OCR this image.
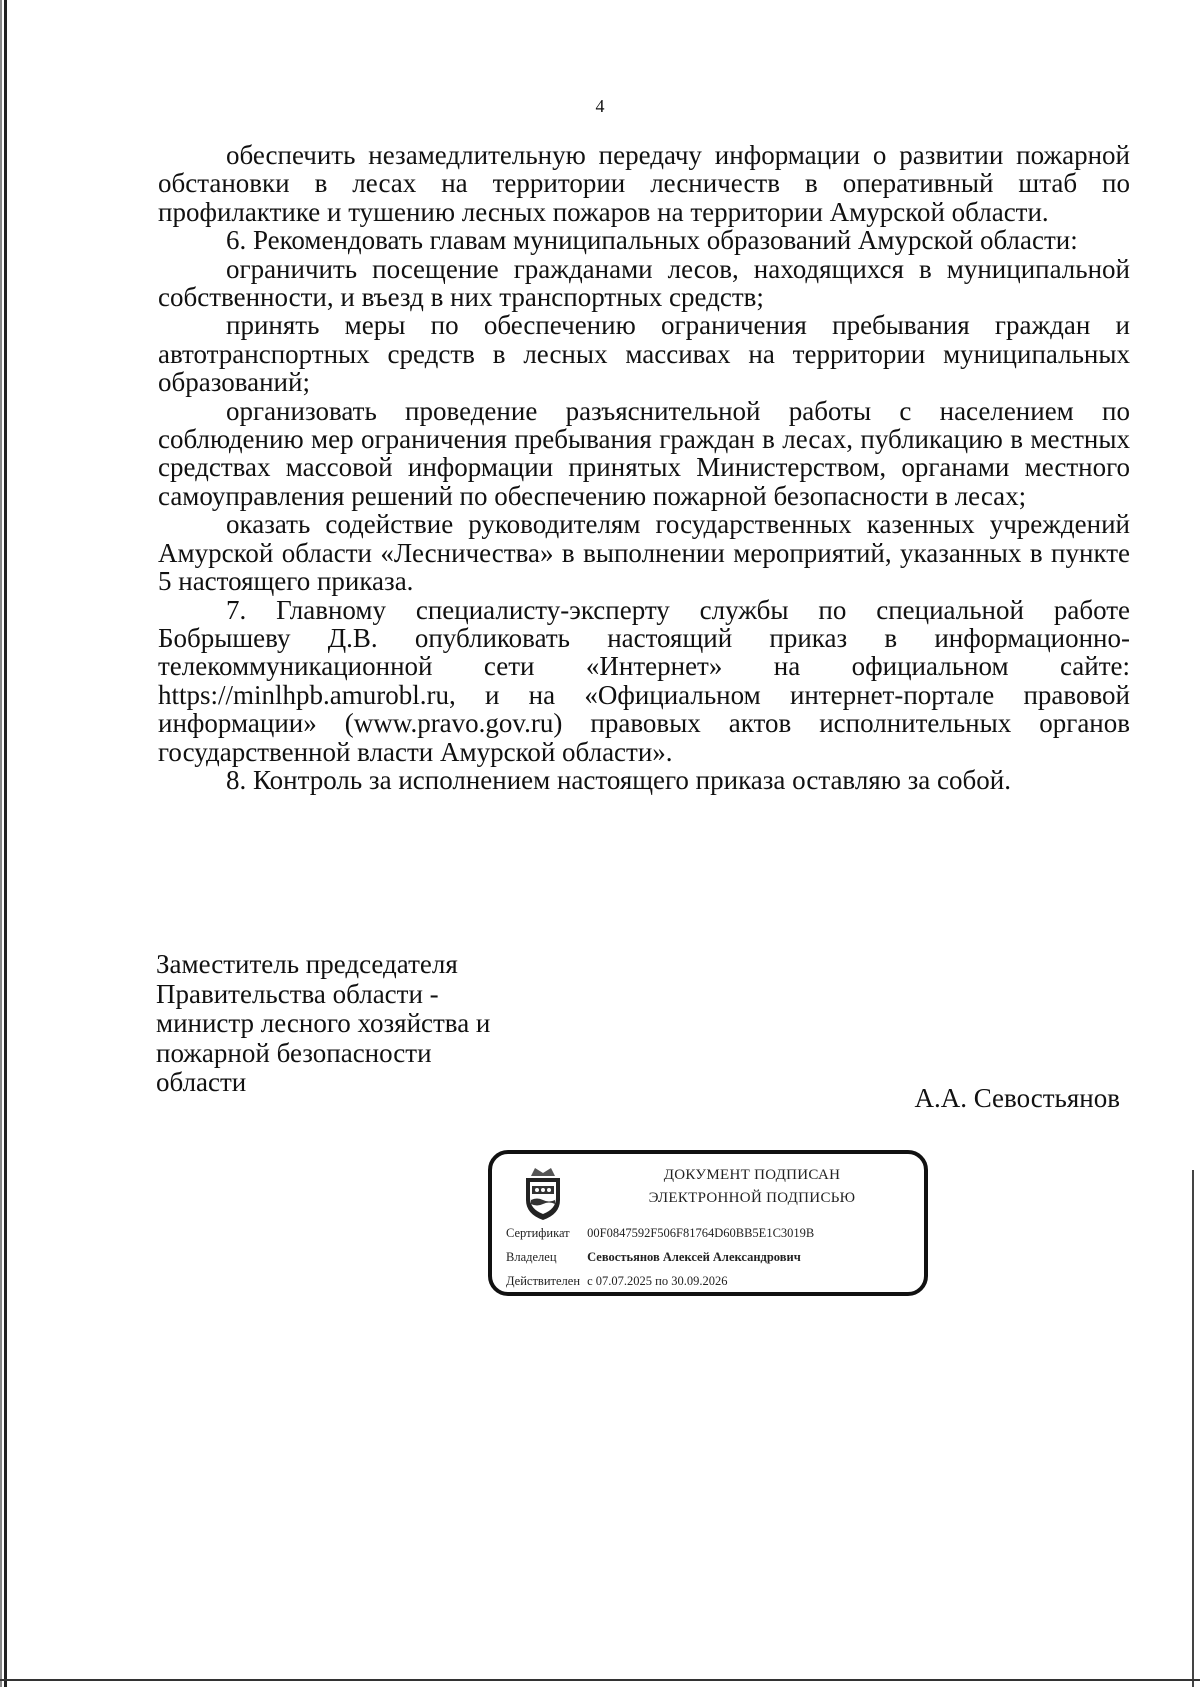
4

обеспечить незамедлительную передачу информации о развитии пожарной обстановки в лесах на территории лесничеств в оперативный штаб по профилактике и тушению лесных пожаров на территории Амурской области.

6. Рекомендовать главам муниципальных образований Амурской области:

ограничить посещение гражданами лесов, находящихся в муниципальной собственности, и въезд в них транспортных средств;

принять меры по обеспечению ограничения пребывания граждан и автотранспортных средств в лесных массивах на территории муниципальных образований;

организовать проведение разъяснительной работы с населением по соблюдению мер ограничения пребывания граждан в лесах, публикацию в местных средствах массовой информации принятых Министерством, органами местного самоуправления решений по обеспечению пожарной безопасности в лесах;

оказать содействие руководителям государственных казенных учреждений Амурской области «Лесничества» в выполнении мероприятий, указанных в пункте 5 настоящего приказа.

7. Главному специалисту-эксперту службы по специальной работе Бобрышеву Д.В. опубликовать настоящий приказ в информационно-телекоммуникационной сети «Интернет» на официальном сайте: https://minlhpb.amurobl.ru, и на «Официальном интернет-портале правовой информации» (www.pravo.gov.ru) правовых актов исполнительных органов государственной власти Амурской области».

8. Контроль за исполнением настоящего приказа оставляю за собой.

Заместитель председателя
Правительства области -
министр лесного хозяйства и
пожарной безопасности
области
А.А. Севостьянов
ДОКУМЕНТ ПОДПИСАН
ЭЛЕКТРОННОЙ ПОДПИСЬЮ
Сертификат 00F0847592F506F81764D60BB5E1C3019B
Владелец Севостьянов Алексей Александрович
Действителен с 07.07.2025 по 30.09.2026
